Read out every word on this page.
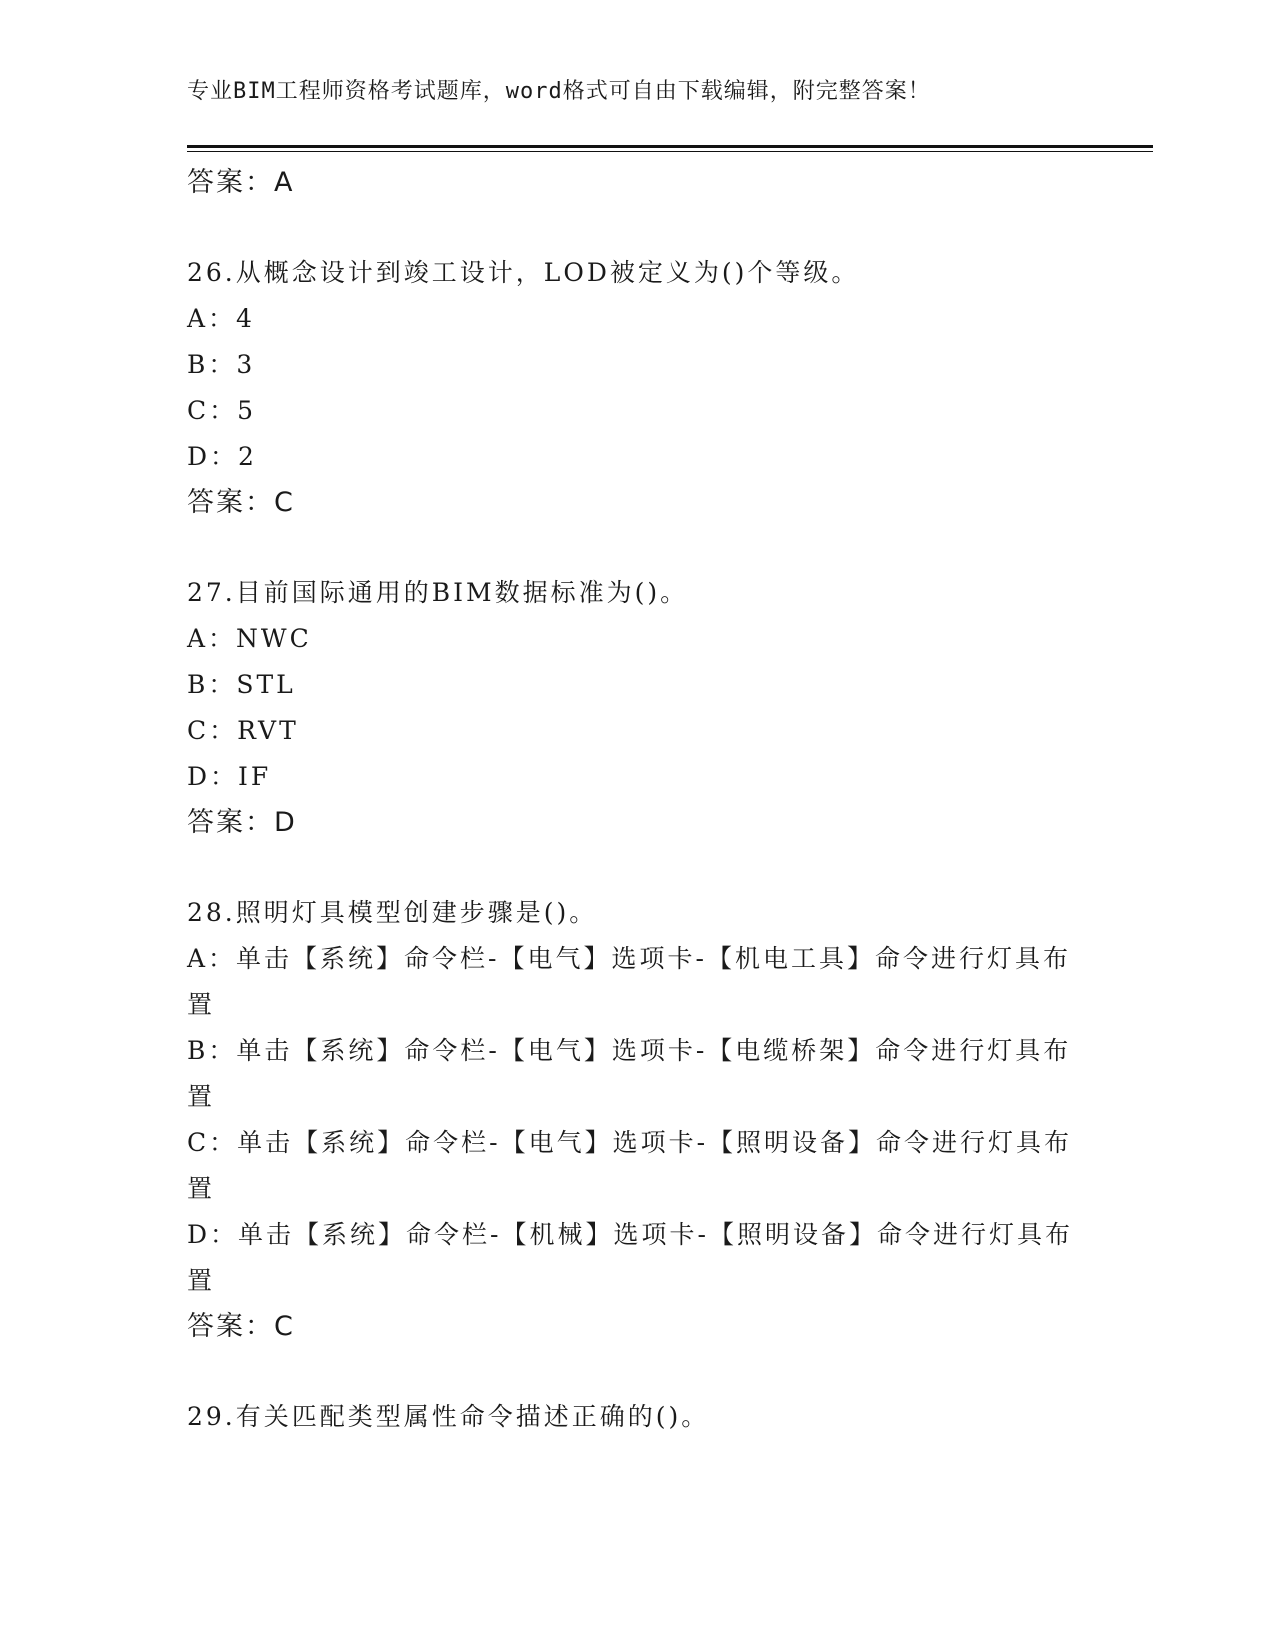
专业BIM工程师资格考试题库，word格式可自由下载编辑，附完整答案！
答案：A
26.从概念设计到竣工设计，LOD被定义为()个等级。
A：4
B：3
C：5
D：2
答案：C
27.目前国际通用的BIM数据标准为()。
A：NWC
B：STL
C：RVT
D：IF
答案：D
28.照明灯具模型创建步骤是()。
A：单击【系统】命令栏-【电气】选项卡-【机电工具】命令进行灯具布置
B：单击【系统】命令栏-【电气】选项卡-【电缆桥架】命令进行灯具布置
C：单击【系统】命令栏-【电气】选项卡-【照明设备】命令进行灯具布置
D：单击【系统】命令栏-【机械】选项卡-【照明设备】命令进行灯具布置
答案：C
29.有关匹配类型属性命令描述正确的()。
